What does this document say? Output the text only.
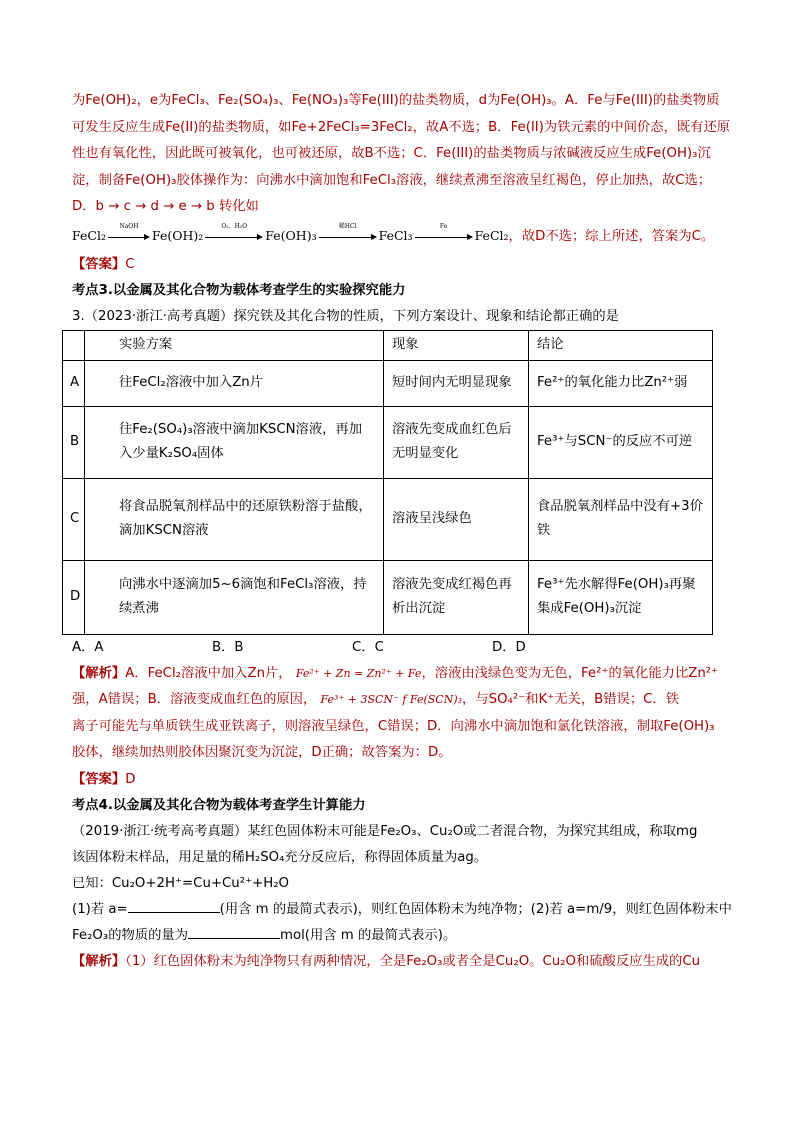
为Fe(OH)₂，e为FeCl₃、Fe₂(SO₄)₃、Fe(NO₃)₃等Fe(III)的盐类物质，d为Fe(OH)₃。A．Fe与Fe(III)的盐类物质可发生反应生成Fe(II)的盐类物质，如Fe+2FeCl₃=3FeCl₂，故A不选；B．Fe(II)为铁元素的中间价态，既有还原性也有氧化性，因此既可被氧化，也可被还原，故B不选；C．Fe(III)的盐类物质与浓碱液反应生成Fe(OH)₃沉淀，制备Fe(OH)₃胶体操作为：向沸水中滴加饱和FeCl₃溶液，继续煮沸至溶液呈红褐色，停止加热，故C选；D．b → c → d → e → b 转化如

FeCl₂
NaOH
Fe(OH)₂
O₂、H₂O
Fe(OH)₃
稀HCl
FeCl₃
Fe
FeCl₂，故D不选；综上所述，答案为C。

【答案】C

考点3.以金属及其化合物为载体考查学生的实验探究能力

3.（2023·浙江·高考真题）探究铁及其化合物的性质，下列方案设计、现象和结论都正确的是

	实验方案	现象	结论
A	往FeCl₂溶液中加入Zn片	短时间内无明显现象	Fe²⁺的氧化能力比Zn²⁺弱
B	往Fe₂(SO₄)₃溶液中滴加KSCN溶液，再加入少量K₂SO₄固体	溶液先变成血红色后无明显变化	Fe³⁺与SCN⁻的反应不可逆
C	将食品脱氧剂样品中的还原铁粉溶于盐酸，滴加KSCN溶液	溶液呈浅绿色	食品脱氧剂样品中没有+3价铁
D	向沸水中逐滴加5~6滴饱和FeCl₃溶液，持续煮沸	溶液先变成红褐色再析出沉淀	Fe³⁺先水解得Fe(OH)₃再聚集成Fe(OH)₃沉淀

A．A	B．B	C．C	D．D

【解析】A．FeCl₂溶液中加入Zn片， Fe²⁺ + Zn = Zn²⁺ + Fe，溶液由浅绿色变为无色，Fe²⁺的氧化能力比Zn²⁺
强，A错误；B．溶液变成血红色的原因， Fe³⁺ + 3SCN⁻ f Fe(SCN)₃，与SO₄²⁻和K⁺无关，B错误；C．铁
离子可能先与单质铁生成亚铁离子，则溶液呈绿色，C错误；D．向沸水中滴加饱和氯化铁溶液，制取Fe(OH)₃
胶体，继续加热则胶体因聚沉变为沉淀，D正确；故答案为：D。

【答案】D

考点4.以金属及其化合物为载体考查学生计算能力

（2019·浙江·统考高考真题）某红色固体粉末可能是Fe₂O₃、Cu₂O或二者混合物，为探究其组成，称取mg

该固体粉末样品，用足量的稀H₂SO₄充分反应后，称得固体质量为ag。

已知：Cu₂O+2H⁺=Cu+Cu²⁺+H₂O

(1)若 a=	(用含 m 的最简式表示)，则红色固体粉末为纯净物；(2)若 a=m/9，则红色固体粉末中

Fe₂O₃的物质的量为	mol(用含 m 的最简式表示)。

【解析】（1）红色固体粉末为纯净物只有两种情况，全是Fe₂O₃或者全是Cu₂O。Cu₂O和硫酸反应生成的Cu
